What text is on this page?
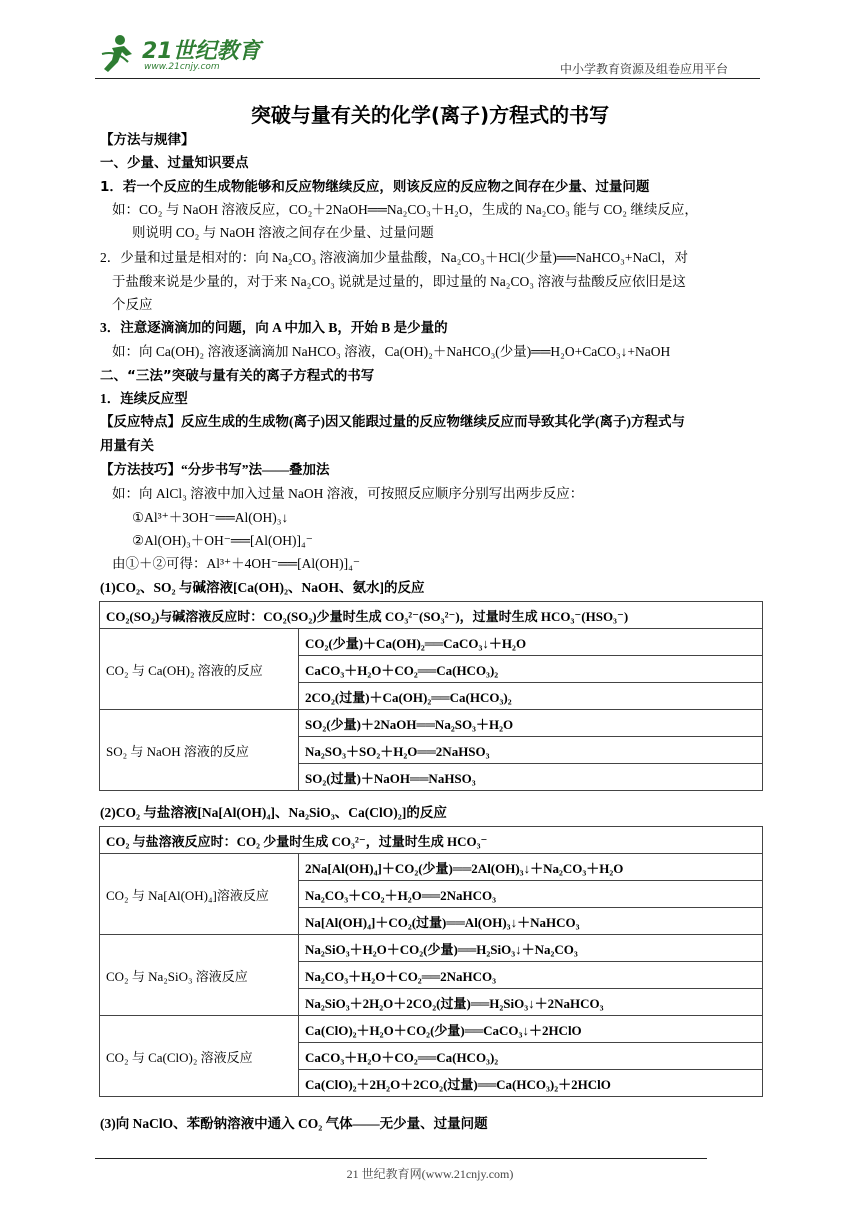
21世纪教育
www.21cnjy.com	中小学教育资源及组卷应用平台
突破与量有关的化学(离子)方程式的书写
【方法与规律】
一、少量、过量知识要点
1．若一个反应的生成物能够和反应物继续反应，则该反应的反应物之间存在少量、过量问题
如：CO₂ 与 NaOH 溶液反应，CO₂＋2NaOH══Na₂CO₃＋H₂O，生成的 Na₂CO₃ 能与 CO₂ 继续反应，
则说明 CO₂ 与 NaOH 溶液之间存在少量、过量问题
2．少量和过量是相对的：向 Na₂CO₃ 溶液滴加少量盐酸，Na₂CO₃＋HCl(少量)══NaHCO₃+NaCl，对
于盐酸来说是少量的，对于来 Na₂CO₃ 说就是过量的，即过量的 Na₂CO₃ 溶液与盐酸反应依旧是这
个反应
3．注意逐滴滴加的问题，向 A 中加入 B，开始 B 是少量的
如：向 Ca(OH)₂ 溶液逐滴滴加 NaHCO₃ 溶液，Ca(OH)₂＋NaHCO₃(少量)══H₂O+CaCO₃↓+NaOH
二、“三法”突破与量有关的离子方程式的书写
1．连续反应型
【反应特点】反应生成的生成物(离子)因又能跟过量的反应物继续反应而导致其化学(离子)方程式与
用量有关
【方法技巧】“分步书写”法——叠加法
如：向 AlCl₃ 溶液中加入过量 NaOH 溶液，可按照反应顺序分别写出两步反应：
①Al³⁺＋3OH⁻══Al(OH)₃↓
②Al(OH)₃＋OH⁻══[Al(OH)]₄⁻
由①＋②可得：Al³⁺＋4OH⁻══[Al(OH)]₄⁻
(1)CO₂、SO₂ 与碱溶液[Ca(OH)₂、NaOH、氨水]的反应
CO₂(SO₂)与碱溶液反应时：CO₂(SO₂)少量时生成 CO₃²⁻(SO₃²⁻)，过量时生成 HCO₃⁻(HSO₃⁻)	
CO₂ 与 Ca(OH)₂ 溶液的反应	CO₂(少量)＋Ca(OH)₂══CaCO₃↓＋H₂O
	CaCO₃＋H₂O＋CO₂══Ca(HCO₃)₂
	2CO₂(过量)＋Ca(OH)₂══Ca(HCO₃)₂
SO₂ 与 NaOH 溶液的反应	SO₂(少量)＋2NaOH══Na₂SO₃＋H₂O
	Na₂SO₃＋SO₂＋H₂O══2NaHSO₃
	SO₂(过量)＋NaOH══NaHSO₃
(2)CO₂ 与盐溶液[Na[Al(OH)₄]、Na₂SiO₃、Ca(ClO)₂]的反应
CO₂ 与盐溶液反应时：CO₂ 少量时生成 CO₃²⁻，过量时生成 HCO₃⁻	
CO₂ 与 Na[Al(OH)₄]溶液反应	2Na[Al(OH)₄]＋CO₂(少量)══2Al(OH)₃↓＋Na₂CO₃＋H₂O
	Na₂CO₃＋CO₂＋H₂O══2NaHCO₃
	Na[Al(OH)₄]＋CO₂(过量)══Al(OH)₃↓＋NaHCO₃
CO₂ 与 Na₂SiO₃ 溶液反应	Na₂SiO₃＋H₂O＋CO₂(少量)══H₂SiO₃↓＋Na₂CO₃
	Na₂CO₃＋H₂O＋CO₂══2NaHCO₃
	Na₂SiO₃＋2H₂O＋2CO₂(过量)══H₂SiO₃↓＋2NaHCO₃
CO₂ 与 Ca(ClO)₂ 溶液反应	Ca(ClO)₂＋H₂O＋CO₂(少量)══CaCO₃↓＋2HClO
	CaCO₃＋H₂O＋CO₂══Ca(HCO₃)₂
	Ca(ClO)₂＋2H₂O＋2CO₂(过量)══Ca(HCO₃)₂＋2HClO
(3)向 NaClO、苯酚钠溶液中通入 CO₂ 气体——无少量、过量问题
21 世纪教育网(www.21cnjy.com)
